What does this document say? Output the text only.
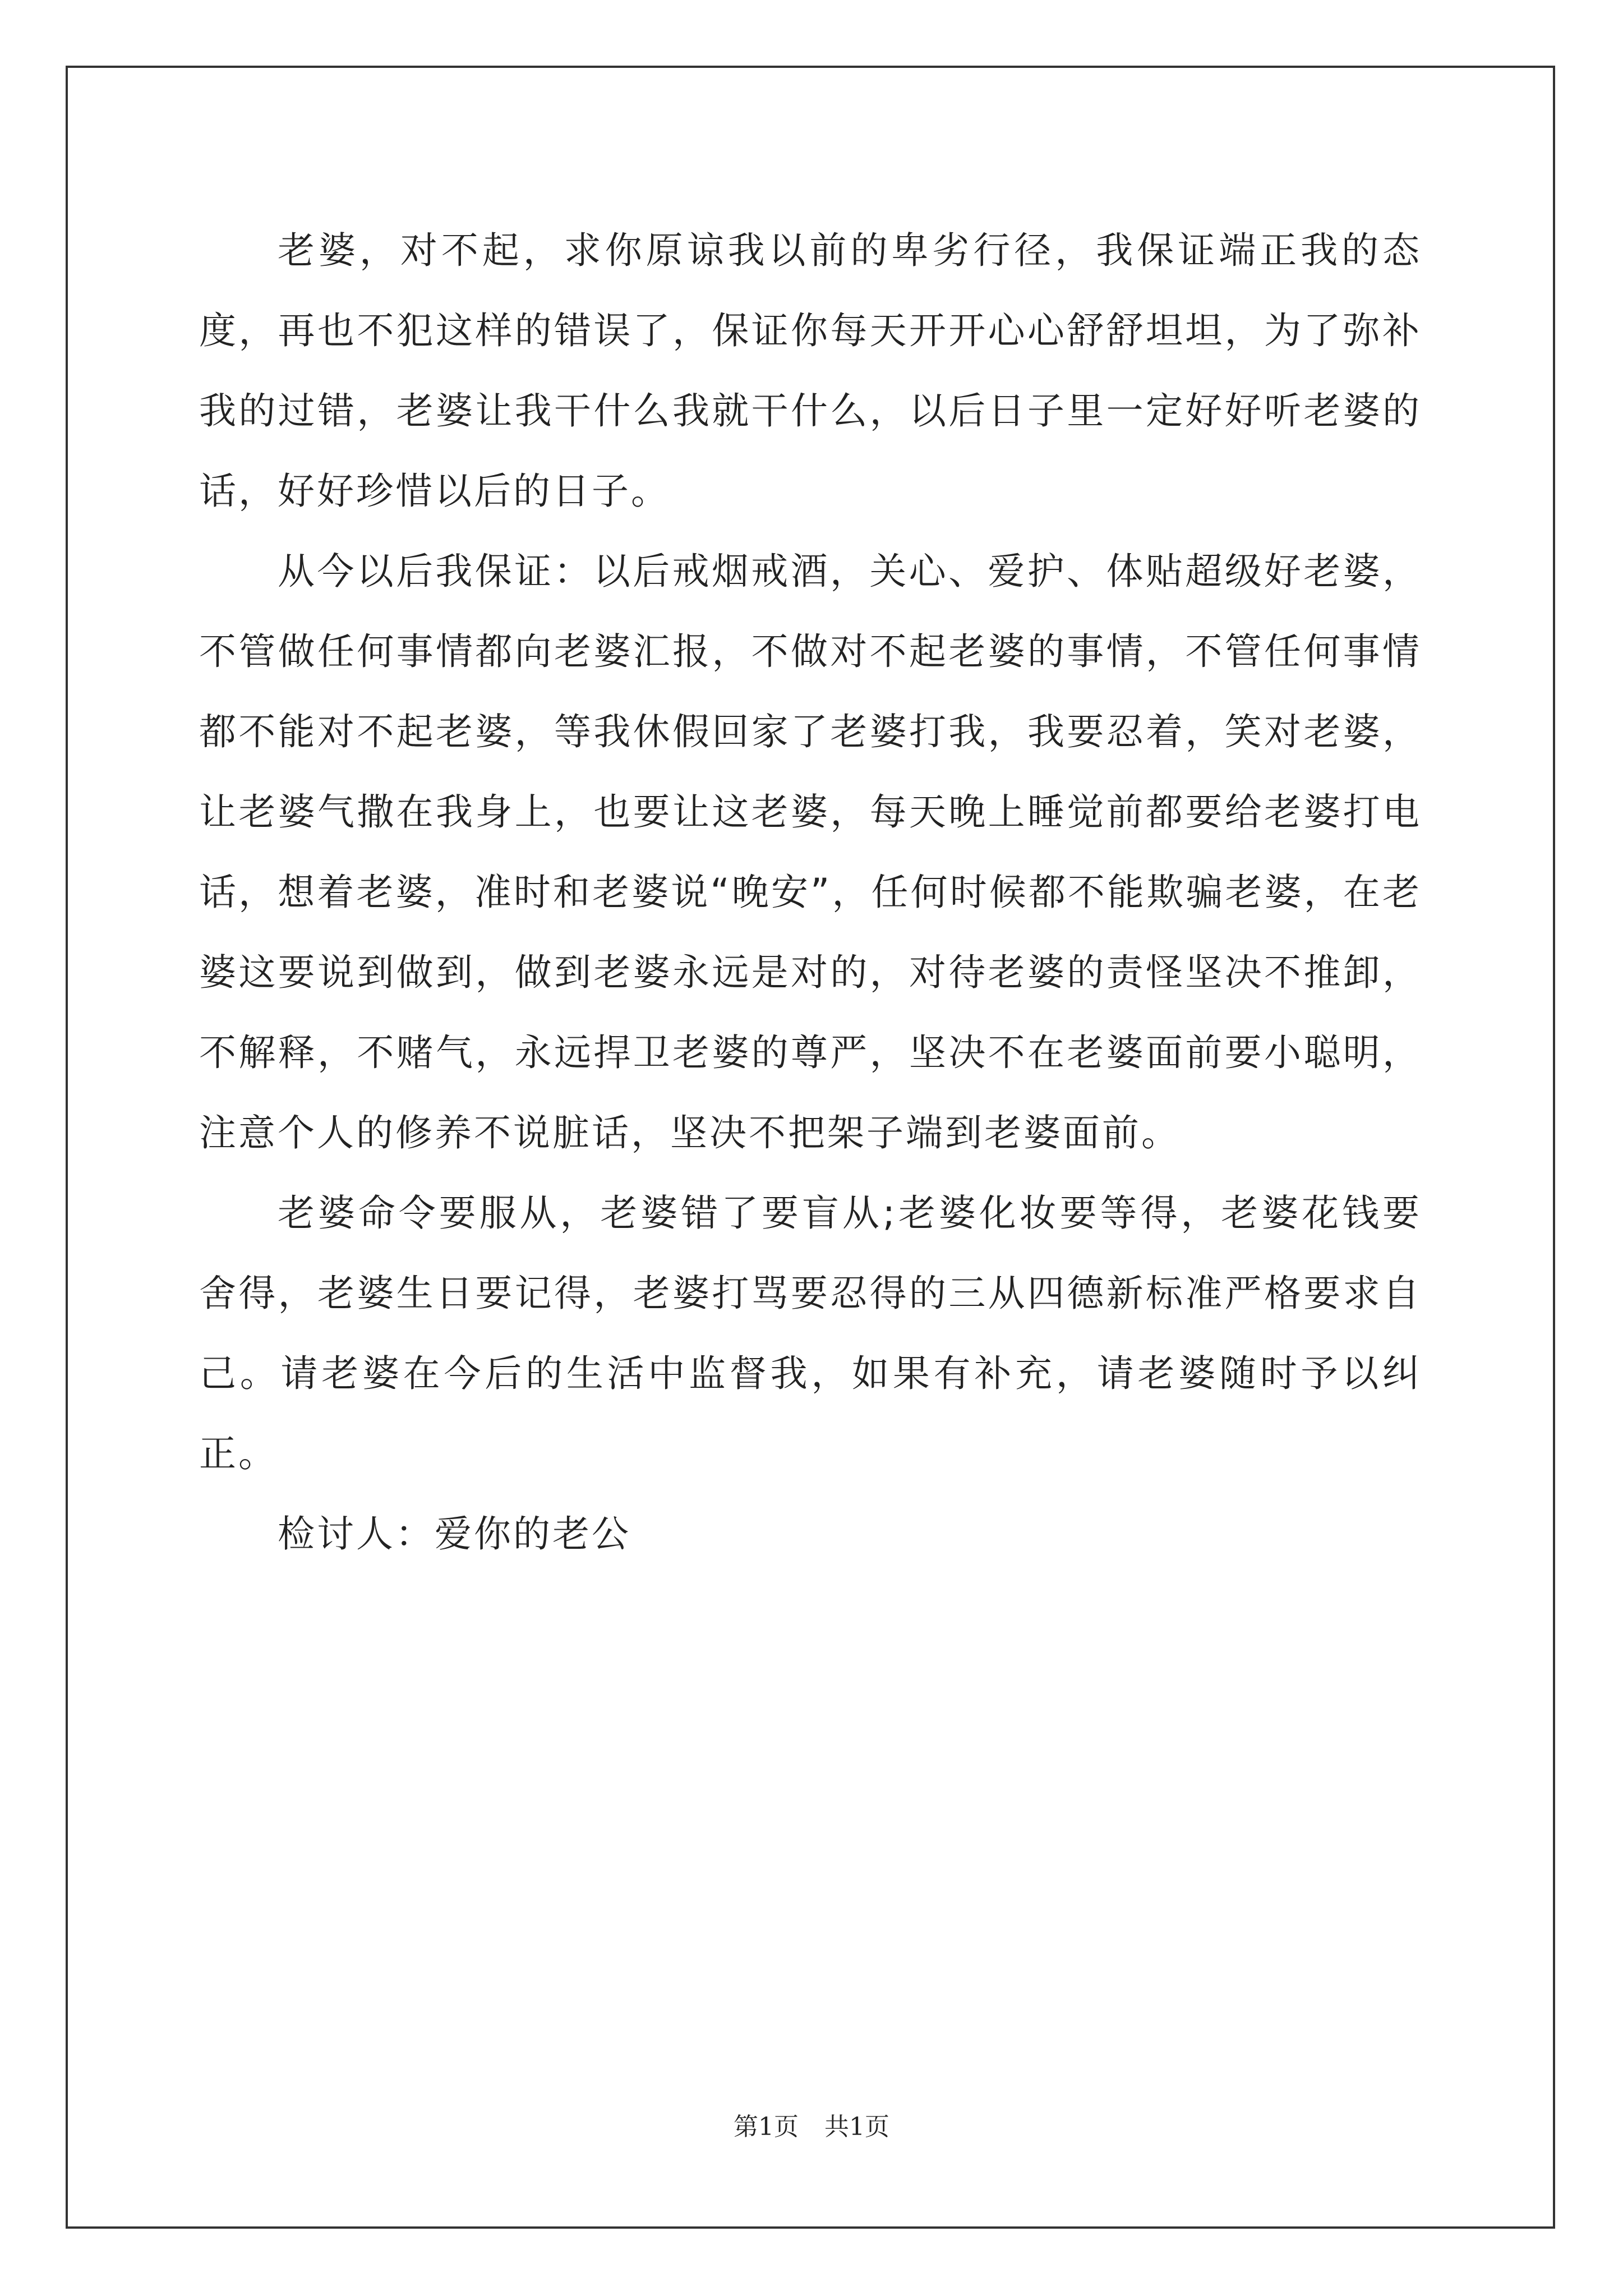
老婆，对不起，求你原谅我以前的卑劣行径，我保证端正我的态度，再也不犯这样的错误了，保证你每天开开心心舒舒坦坦，为了弥补我的过错，老婆让我干什么我就干什么，以后日子里一定好好听老婆的话，好好珍惜以后的日子。

从今以后我保证：以后戒烟戒酒，关心、爱护、体贴超级好老婆，不管做任何事情都向老婆汇报，不做对不起老婆的事情，不管任何事情都不能对不起老婆，等我休假回家了老婆打我，我要忍着，笑对老婆，让老婆气撒在我身上，也要让这老婆，每天晚上睡觉前都要给老婆打电话，想着老婆，准时和老婆说“晚安”，任何时候都不能欺骗老婆，在老婆这要说到做到，做到老婆永远是对的，对待老婆的责怪坚决不推卸，不解释，不赌气，永远捍卫老婆的尊严，坚决不在老婆面前要小聪明，注意个人的修养不说脏话，坚决不把架子端到老婆面前。

老婆命令要服从，老婆错了要盲从;老婆化妆要等得，老婆花钱要舍得，老婆生日要记得，老婆打骂要忍得的三从四德新标准严格要求自己。请老婆在今后的生活中监督我，如果有补充，请老婆随时予以纠正。

检讨人：爱你的老公

第1页 共1页
